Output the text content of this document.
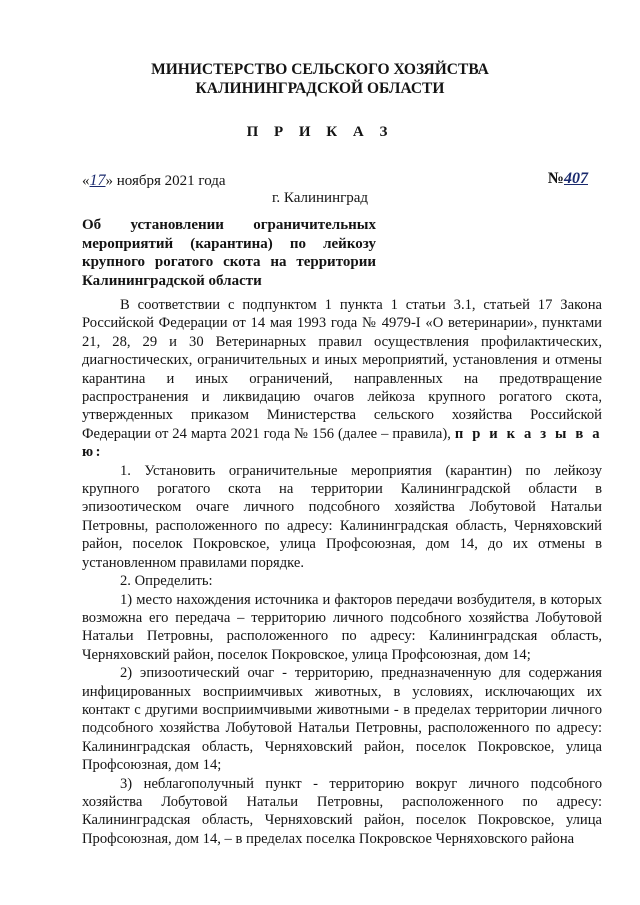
МИНИСТЕРСТВО СЕЛЬСКОГО ХОЗЯЙСТВА
КАЛИНИНГРАДСКОЙ ОБЛАСТИ
П Р И К А З
«17» ноября 2021 года	№407
г. Калининград
Об установлении ограничительных мероприятий (карантина) по лейкозу крупного рогатого скота на территории Калининградской области

В соответствии с подпунктом 1 пункта 1 статьи 3.1, статьей 17 Закона Российской Федерации от 14 мая 1993 года № 4979-I «О ветеринарии», пунктами 21, 28, 29 и 30 Ветеринарных правил осуществления профилактических, диагностических, ограничительных и иных мероприятий, установления и отмены карантина и иных ограничений, направленных на предотвращение распространения и ликвидацию очагов лейкоза крупного рогатого скота, утвержденных приказом Министерства сельского хозяйства Российской Федерации от 24 марта 2021 года № 156 (далее – правила), п р и к а з ы в а ю:

1. Установить ограничительные мероприятия (карантин) по лейкозу крупного рогатого скота на территории Калининградской области в эпизоотическом очаге личного подсобного хозяйства Лобутовой Натальи Петровны, расположенного по адресу: Калининградская область, Черняховский район, поселок Покровское, улица Профсоюзная, дом 14, до их отмены в установленном правилами порядке.

2. Определить:

1) место нахождения источника и факторов передачи возбудителя, в которых возможна его передача – территорию личного подсобного хозяйства Лобутовой Натальи Петровны, расположенного по адресу: Калининградская область, Черняховский район, поселок Покровское, улица Профсоюзная, дом 14;

2) эпизоотический очаг - территорию, предназначенную для содержания инфицированных восприимчивых животных, в условиях, исключающих их контакт с другими восприимчивыми животными - в пределах территории личного подсобного хозяйства Лобутовой Натальи Петровны, расположенного по адресу: Калининградская область, Черняховский район, поселок Покровское, улица Профсоюзная, дом 14;

3) неблагополучный пункт - территорию вокруг личного подсобного хозяйства Лобутовой Натальи Петровны, расположенного по адресу: Калининградская область, Черняховский район, поселок Покровское, улица Профсоюзная, дом 14, – в пределах поселка Покровское Черняховского района
